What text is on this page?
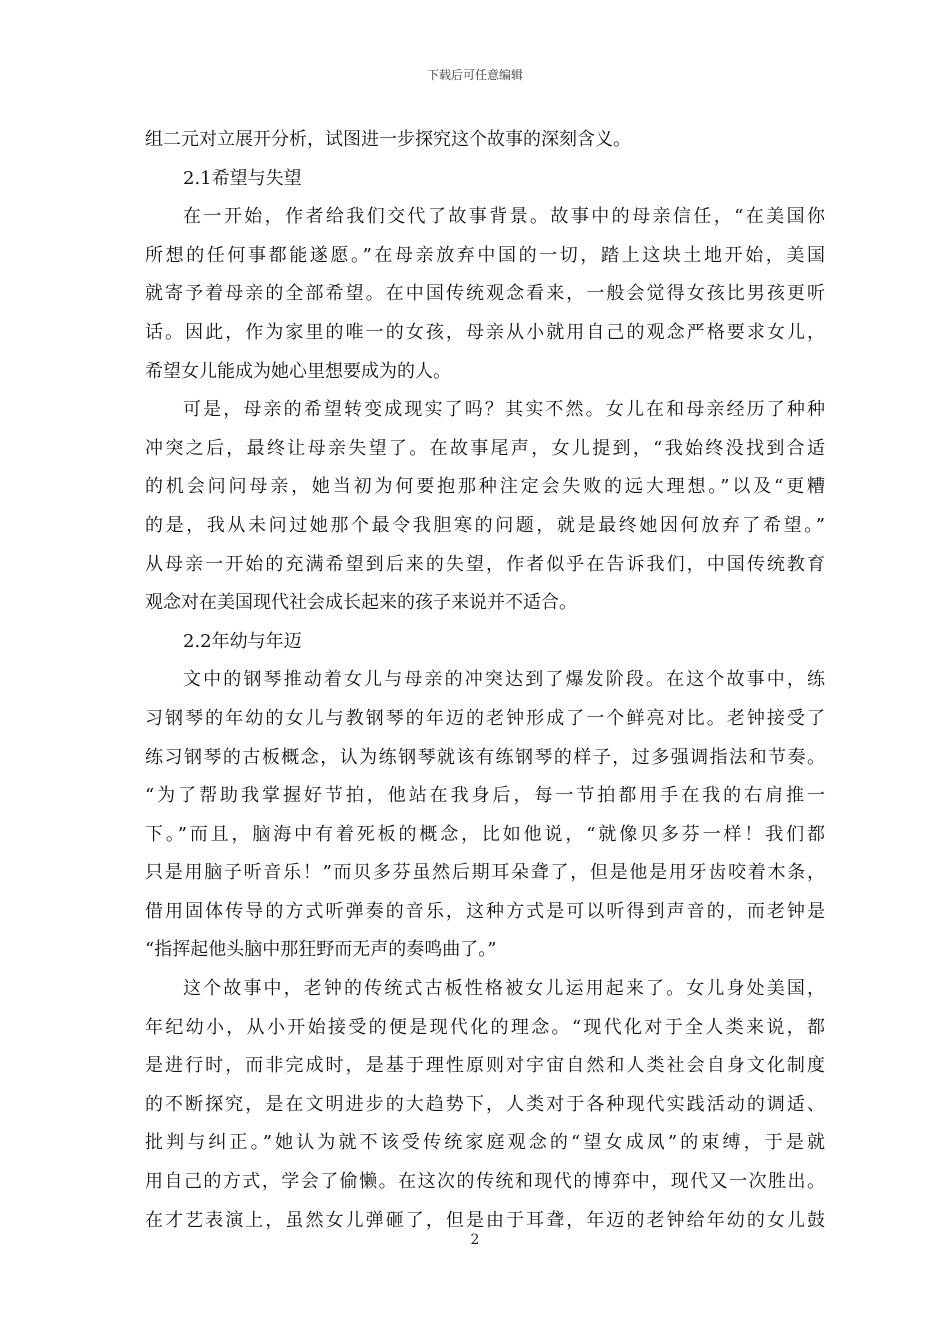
下载后可任意编辑
组二元对立展开分析，试图进一步探究这个故事的深刻含义。
2.1希望与失望
在一开始，作者给我们交代了故事背景。故事中的母亲信任，“在美国你
所想的任何事都能遂愿。”在母亲放弃中国的一切，踏上这块土地开始，美国
就寄予着母亲的全部希望。在中国传统观念看来，一般会觉得女孩比男孩更听
话。因此，作为家里的唯一的女孩，母亲从小就用自己的观念严格要求女儿，
希望女儿能成为她心里想要成为的人。
可是，母亲的希望转变成现实了吗？其实不然。女儿在和母亲经历了种种
冲突之后，最终让母亲失望了。在故事尾声，女儿提到，“我始终没找到合适
的机会问问母亲，她当初为何要抱那种注定会失败的远大理想。”以及“更糟
的是，我从未问过她那个最令我胆寒的问题，就是最终她因何放弃了希望。”
从母亲一开始的充满希望到后来的失望，作者似乎在告诉我们，中国传统教育
观念对在美国现代社会成长起来的孩子来说并不适合。
2.2年幼与年迈
文中的钢琴推动着女儿与母亲的冲突达到了爆发阶段。在这个故事中，练
习钢琴的年幼的女儿与教钢琴的年迈的老钟形成了一个鲜亮对比。老钟接受了
练习钢琴的古板概念，认为练钢琴就该有练钢琴的样子，过多强调指法和节奏。
“为了帮助我掌握好节拍，他站在我身后，每一节拍都用手在我的右肩推一
下。”而且，脑海中有着死板的概念，比如他说，“就像贝多芬一样！我们都
只是用脑子听音乐！”而贝多芬虽然后期耳朵聋了，但是他是用牙齿咬着木条，
借用固体传导的方式听弹奏的音乐，这种方式是可以听得到声音的，而老钟是
“指挥起他头脑中那狂野而无声的奏鸣曲了。”
这个故事中，老钟的传统式古板性格被女儿运用起来了。女儿身处美国，
年纪幼小，从小开始接受的便是现代化的理念。“现代化对于全人类来说，都
是进行时，而非完成时，是基于理性原则对宇宙自然和人类社会自身文化制度
的不断探究，是在文明进步的大趋势下，人类对于各种现代实践活动的调适、
批判与纠正。”她认为就不该受传统家庭观念的“望女成凤”的束缚，于是就
用自己的方式，学会了偷懒。在这次的传统和现代的博弈中，现代又一次胜出。
在才艺表演上，虽然女儿弹砸了，但是由于耳聋，年迈的老钟给年幼的女儿鼓
2
